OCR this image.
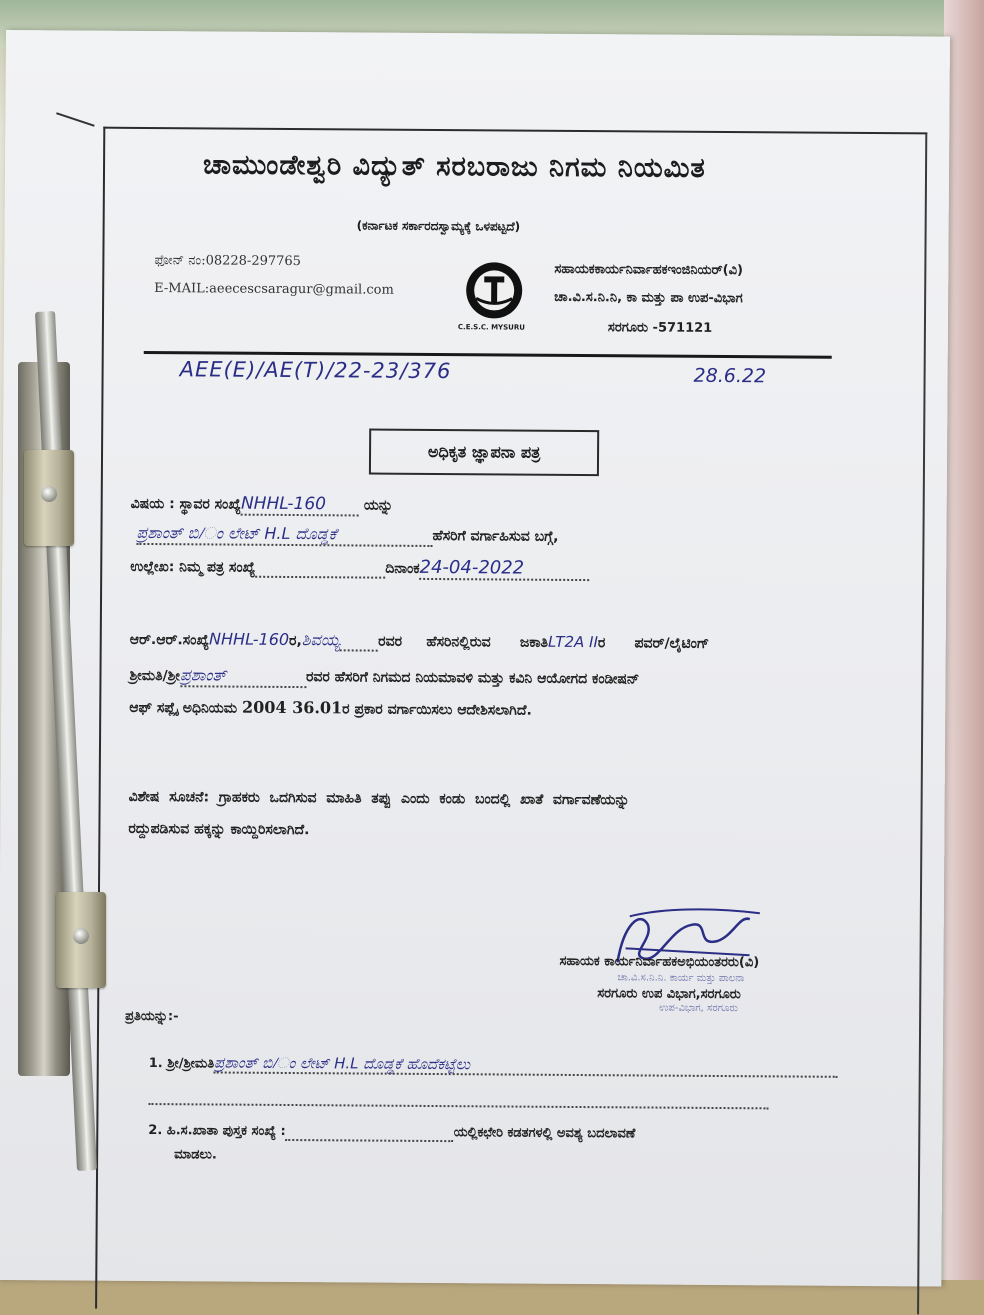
ಚಾಮುಂಡೇಶ್ವರಿ ವಿದ್ಯುತ್ ಸರಬರಾಜು ನಿಗಮ ನಿಯಮಿತ
(ಕರ್ನಾಟಕ ಸರ್ಕಾರದಸ್ವಾಮ್ಯಕ್ಕೆ ಒಳಪಟ್ಟದೆ)
ಫೋನ್ ನಂ:08228-297765
E-MAIL:aeecescsaragur@gmail.com
C.E.S.C. MYSURU
ಸಹಾಯಕಕಾರ್ಯನಿರ್ವಾಹಕಇಂಜಿನಿಯರ್(ವಿ)
ಚಾ.ವಿ.ಸ.ನಿ.ನಿ, ಕಾ ಮತ್ತು ಪಾ ಉಪ-ವಿಭಾಗ
ಸರಗೂರು -571121
AEE(E)/AE(T)/22-23/376	28.6.22
ಅಧಿಕೃತ ಜ್ಞಾಪನಾ ಪತ್ರ
ವಿಷಯ : ಸ್ಥಾವರ ಸಂಖ್ಯೆNHHL-160	ಯನ್ನು
ಪ್ರಶಾಂತ್ ಬಿ/ಂ ಲೇಟ್ H.L ದೊಡ್ಡಕೆ	ಹೆಸರಿಗೆ ವರ್ಗಾಹಿಸುವ ಬಗ್ಗೆ,
ಉಲ್ಲೇಖ: ನಿಮ್ಮ ಪತ್ರ ಸಂಖ್ಯೆ	ದಿನಾಂಕ24-04-2022
ಆರ್.ಆರ್.ಸಂಖ್ಯೆNHHL-160ರ,ಶಿವಯ್ಯ	ರವರ     ಹೆಸರಿನಲ್ಲಿರುವ      ಜಕಾತಿLT2A IIರ      ಪವರ್/ಲೈಟಿಂಗ್
ಶ್ರೀಮತಿ/ಶ್ರೀಪ್ರಶಾಂತ್	ರವರ ಹೆಸರಿಗೆ ನಿಗಮದ ನಿಯಮಾವಳಿ ಮತ್ತು ಕವಿನಿ ಆಯೋಗದ ಕಂಡೀಷನ್
ಆಫ್ ಸಪ್ಲೈ ಅಧಿನಿಯಮ 2004 36.01ರ ಪ್ರಕಾರ ವರ್ಗಾಯಿಸಲು ಆದೇಶಿಸಲಾಗಿದೆ.
ವಿಶೇಷ  ಸೂಚನೆ:  ಗ್ರಾಹಕರು  ಒದಗಿಸುವ  ಮಾಹಿತಿ  ತಪ್ಪು  ಎಂದು  ಕಂಡು  ಬಂದಲ್ಲಿ  ಖಾತೆ  ವರ್ಗಾವಣೆಯನ್ನು
ರದ್ದುಪಡಿಸುವ ಹಕ್ಕನ್ನು ಕಾಯ್ದಿರಿಸಲಾಗಿದೆ.
ಚಾ.ವಿ.ಸ.ನಿ.ನಿ. ಕಾರ್ಯ ಮತ್ತು ಪಾಲನಾ
ಉಪ-ವಿಭಾಗ, ಸರಗೂರು
ಸಹಾಯಕ ಕಾರ್ಯನಿರ್ವಾಹಕಅಭಿಯಂತರರು(ವಿ)
ಸರಗೂರು ಉಪ ವಿಭಾಗ,ಸರಗೂರು
ಪ್ರತಿಯನ್ನು:-
1. ಶ್ರೀ/ಶ್ರೀಮತಿಪ್ರಶಾಂತ್ ಬಿ/ಂ ಲೇಟ್ H.L ದೊಡ್ಡಕೆ ಹೊದೆಕಟ್ಟೆಲು
2. ಹಿ.ಸ.ಖಾತಾ ಪುಸ್ತಕ ಸಂಖ್ಯೆ :	ಯಲ್ಲಿಕಛೇರಿ ಕಡತಗಳಲ್ಲಿ ಅವಶ್ಯ ಬದಲಾವಣೆ
ಮಾಡಲು.
